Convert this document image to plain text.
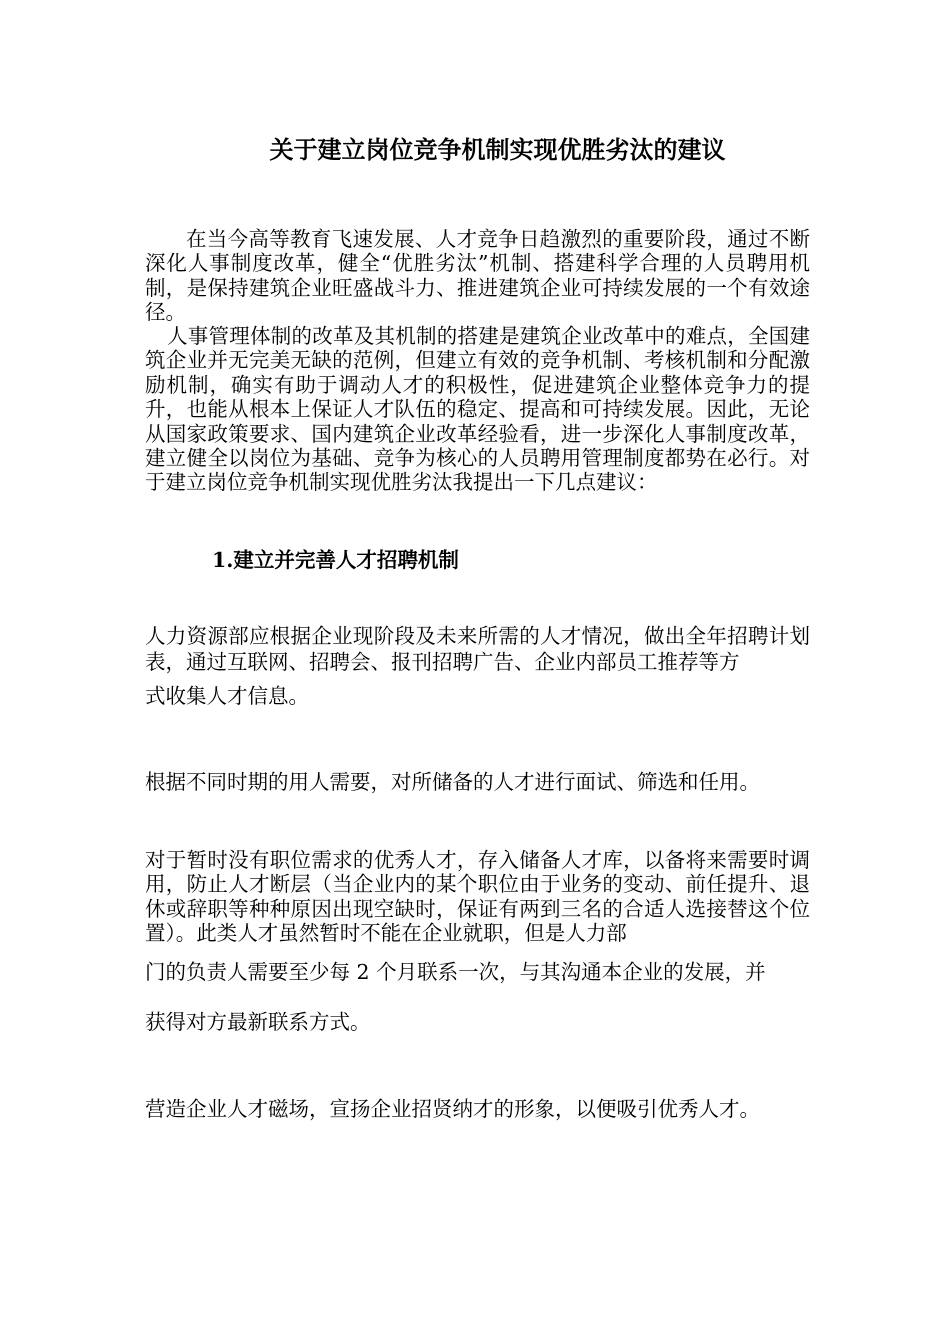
关于建立岗位竞争机制实现优胜劣汰的建议

在当今高等教育飞速发展、人才竞争日趋激烈的重要阶段，通过不断深化人事制度改革，健全“优胜劣汰”机制、搭建科学合理的人员聘用机制，是保持建筑企业旺盛战斗力、推进建筑企业可持续发展的一个有效途径。

人事管理体制的改革及其机制的搭建是建筑企业改革中的难点，全国建筑企业并无完美无缺的范例，但建立有效的竞争机制、考核机制和分配激励机制，确实有助于调动人才的积极性，促进建筑企业整体竞争力的提升，也能从根本上保证人才队伍的稳定、提高和可持续发展。因此，无论从国家政策要求、国内建筑企业改革经验看，进一步深化人事制度改革，建立健全以岗位为基础、竞争为核心的人员聘用管理制度都势在必行。对于建立岗位竞争机制实现优胜劣汰我提出一下几点建议：

1.建立并完善人才招聘机制

人力资源部应根据企业现阶段及未来所需的人才情况，做出全年招聘计划表，通过互联网、招聘会、报刊招聘广告、企业内部员工推荐等方

式收集人才信息。

根据不同时期的用人需要，对所储备的人才进行面试、筛选和任用。

对于暂时没有职位需求的优秀人才，存入储备人才库，以备将来需要时调用，防止人才断层（当企业内的某个职位由于业务的变动、前任提升、退休或辞职等种种原因出现空缺时，保证有两到三名的合适人选接替这个位置）。此类人才虽然暂时不能在企业就职，但是人力部

门的负责人需要至少每 2 个月联系一次，与其沟通本企业的发展，并

获得对方最新联系方式。

营造企业人才磁场，宣扬企业招贤纳才的形象，以便吸引优秀人才。
